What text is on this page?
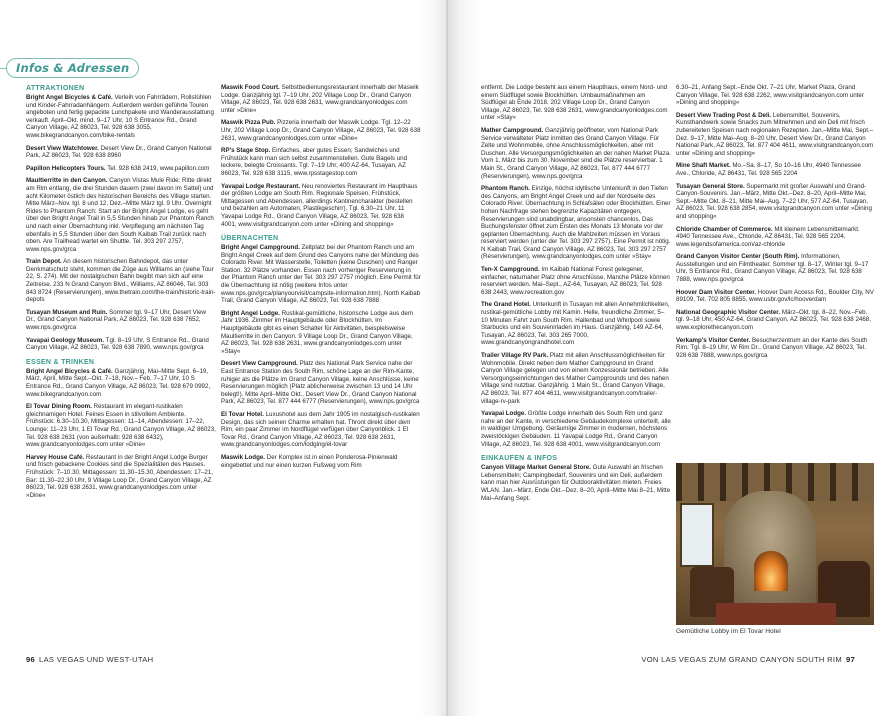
Infos & Adressen
ATTRAKTIONEN
Bright Angel Bicycles & Café. Verleih von Fahrrädern, Rollstühlen und Kinder-Fahrradanhängern. Außerdem werden geführte Touren angeboten und fertig gepackte Lunchpakete und Wanderausstattung verkauft. April–Okt. mind. 9–17 Uhr, 10 S Entrance Rd., Grand Canyon Village, AZ 86023, Tel. 928 638 3055, www.bikegrandcanyon.com/bike-rentals
Desert View Watchtower. Desert View Dr., Grand Canyon National Park, AZ 86023, Tel. 928 638 8960
Papillon Helicopters Tours. Tel. 928 638 2419, www.papillon.com
Maultierritte in den Canyon. Canyon Vistas Mule Ride: Ritte direkt am Rim entlang, die drei Stunden dauern (zwei davon im Sattel) und acht Kilometer östlich des historischen Bereichs des Village starten. Mitte März–Nov. tgl. 8 und 12, Dez.–Mitte März tgl. 9 Uhr. Overnight Rides to Phantom Ranch: Start an der Bright Angel Lodge, es geht über den Bright Angel Trail in 5,5 Stunden hinab zur Phantom Ranch und nach einer Übernachtung inkl. Verpflegung am nächsten Tag ebenfalls in 5,5 Stunden über den South Kaibab Trail zurück nach oben. Are Trailhead wartet ein Shuttle. Tel. 303 297 2757, www.nps.gov/grca
Train Depot. An diesem historischen Bahndepot, das unter Denkmalschutz steht, kommen die Züge aus Williams an (siehe Tour 22, S. 274). Mit der nostalgischen Bahn begibt man sich auf eine Zeitreise. 233 N Grand Canyon Blvd., Williams, AZ 86046, Tel. 303 843 8724 (Reservierungen), www.thetrain.com/the-train/historic-train-depots
Tusayan Museum and Ruin. Sommer tgl. 9–17 Uhr, Desert View Dr., Grand Canyon National Park, AZ 86023, Tel. 928 638 7652, www.nps.gov/grca
Yavapai Geology Museum. Tgl. 8–19 Uhr, S Entrance Rd., Grand Canyon Village, AZ 86023, Tel. 928 638 7890, www.nps.gov/grca
ESSEN & TRINKEN
Bright Angel Bicycles & Café. Ganzjährig, Mai–Mitte Sept. 6–19, März, April, Mitte Sept.–Okt. 7–18, Nov.– Feb. 7–17 Uhr, 10 S Entrance Rd., Grand Canyon Village, AZ 86023, Tel. 928 679 0992, www.bikegrandcanyon.com
El Tovar Dining Room. Restaurant im elegant-rustikalen gleichnamigen Hotel. Feines Essen in stilvollem Ambiente. Frühstück: 6.30–10.30, Mittagessen: 11–14, Abendessen: 17–22, Lounge: 11–23 Uhr, 1 El Tovar Rd., Grand Canyon Village, AZ 86023, Tel. 928 638 2631 (von außerhalb: 928 638 6432), www.grandcanyonlodges.com unter »Dine«
Harvey House Café. Restaurant in der Bright Angel Lodge Burger und frisch gebackene Cookies sind die Spezialitäten des Hauses. Frühstück: 7–10.30, Mittagessen: 11.30–15.30, Abendessen: 17–21, Bar: 11.30–22.30 Uhr, 9 Village Loop Dr., Grand Canyon Village, AZ 86023, Tel. 928 638 2631, www.grandcanyonlodges.com unter »Dine«
Maswik Food Court. Selbstbedienungsrestaurant innerhalb der Maswik Lodge. Ganzjährig tgl. 7–19 Uhr, 202 Village Loop Dr., Grand Canyon Village, AZ 86023, Tel. 928 638 2631, www.grandcanyonlodges.com unter »Dine«
Maswik Pizza Pub. Pizzeria innerhalb der Maswik Lodge. Tgl. 12–22 Uhr, 202 Village Loop Dr., Grand Canyon Village, AZ 86023, Tel. 928 638 2631, www.grandcanyonlodges.com unter »Dine«
RP's Stage Stop. Einfaches, aber gutes Essen; Sandwiches und Frühstück kann man sich selbst zusammenstellen. Gute Bagels und leckere, belegte Croissants. Tgl. 7–19 Uhr, 400 AZ-64, Tusayan, AZ 86023, Tel. 928 638 3115, www.rpsstagestop.com
Yavapai Lodge Restaurant. Neu renoviertes Restaurant im Haupthaus der größten Lodge am South Rim. Regionale Speisen, Frühstück, Mittagessen und Abendessen, allerdings Kantinencharakter (bestellen und bezahlen am Automaten, Plastikgeschirr). Tgl. 6.30–21 Uhr, 11 Yavapai Lodge Rd., Grand Canyon Village, AZ 86023, Tel. 928 638 4001, www.visitgrandcanyon.com unter »Dining and shopping«
ÜBERNACHTEN
Bright Angel Campground. Zeltplatz bei der Phantom Ranch und am Bright Angel Creek auf dem Grund des Canyons nahe der Mündung des Colorado River. Mit Wasserstelle, Toiletten (keine Duschen) und Ranger Station. 32 Plätze vorhanden. Essen nach vorheriger Reservierung in der Phantom Ranch unter der Tel. 303 297 2757 möglich. Eine Permit für die Übernachtung ist nötig (weitere Infos unter www.nps.gov/grca/planyourvisit/campsite-information.htm). North Kaibab Trail, Grand Canyon Village, AZ 86023, Tel. 928 638 7888
Bright Angel Lodge. Rustikal-gemütliche, historische Lodge aus dem Jahr 1936. Zimmer im Hauptgebäude oder Blockhütten. Im Hauptgebäude gibt es einen Schalter für Aktivitäten, beispielsweise Maultierritte in den Canyon. 9 Village Loop Dr., Grand Canyon Village, AZ 86023, Tel. 928 638 2631, www.grandcanyonlodges.com unter »Stay«
Desert View Campground. Platz des National Park Service nahe der East Entrance Station des South Rim, schöne Lage an der Rim-Kante, ruhiger als die Plätze im Grand Canyon Village, keine Anschlüsse, keine Reservierungen möglich (Platz ablicherweise zwischen 13 und 14 Uhr belegt!). Mitte April–Mitte Okt., Desert View Dr., Grand Canyon National Park, AZ 86023, Tel. 877 444 6777 (Reservierungen), www.nps.gov/grca
El Tovar Hotel. Luxushotel aus dem Jahr 1905 im nostalgisch-rustikalen Design, das sich seinen Charme erhalten hat. Thront direkt über dem Rim, ein paar Zimmer im Nordflügel verfügen über Canyonblick. 1 El Tovar Rd., Grand Canyon Village, AZ 86023, Tel. 928 638 2631, www.grandcanyonlodges.com/lodging/el-tovar
Maswik Lodge. Der Komplex ist in einen Ponderosa-Pinienwald eingebettet und nur einen kurzen Fußweg vom Rim
entfernt. Die Lodge besteht aus einem Haupthaus, einem Nord- und einem Südflügel sowie Blockhütten. Umbaumaßnahmen am Südflügel ab Ende 2018. 202 Village Loop Dr., Grand Canyon Village, AZ 86023, Tel. 928 638 2631, www.grandcanyonlodges.com unter »Stay«
Mather Campground. Ganzjährig geöffneter, vom National Park Service verwalteter Platz inmitten des Grand Canyon Village. Für Zelte und Wohnmobile, ohne Anschlussmöglichkeiten, aber mit Duschen. Alle Versorgungsmöglichkeiten an der nahen Market Plaza. Vom 1. März bis zum 30. November sind die Plätze reservierbar. 1 Main St., Grand Canyon Village, AZ 86023, Tel. 877 444 6777 (Reservierungen), www.nps.gov/grca
Phantom Ranch. Einzige, höchst idyllische Unterkunft in den Tiefen des Canyons, am Bright Angel Creek und auf der Nordseite des Colorado River. Übernachtung in Schlafsälen oder Blockhütten. Einer hohen Nachfrage stehen begrenzte Kapazitäten entgegen, Reservierungen sind unabdingbar, ansonsten chancenlos. Das Buchungsfenster öffnet zum Ersten des Monats 13 Monate vor der geplanten Übernachtung. Auch die Mahlzeiten müssen im Voraus reserviert werden (unter der Tel. 303 297 2757). Eine Permit ist nötig. N Kaibab Trail, Grand Canyon Village, AZ 86023, Tel. 303 297 2757 (Reservierungen), www.grandcanyonlodges.com unter »Stay«
Ten-X Campground. Im Kaibab National Forest gelegener, einfacher, naturnaher Platz ohne Anschlüsse. Manche Plätze können reserviert werden. Mai–Sept., AZ-64, Tusayan, AZ 86023, Tel. 928 638 2443, www.recreation.gov
The Grand Hotel. Unterkunft in Tusayan mit allen Annehmlichkeiten, rustikal-gemütliche Lobby mit Kamin. Helle, freundliche Zimmer, 5–10 Minuten Fahrt zum South Rim. Hallenbad und Whirlpool sowie Starbucks und ein Souvenirladen im Haus. Ganzjährig, 149 AZ-64, Tusayan, AZ 86023, Tel. 303 265 7000, www.grandcanyongrandhotel.com
Trailer Village RV Park. Platz mit allen Anschlussmöglichkeiten für Wohnmobile. Direkt neben dem Mather Campground im Grand Canyon Village gelegen und von einem Konzessionär betrieben. Alle Versorgungseinrichtungen des Mather Campgrounds und des nahen Village sind nutzbar. Ganzjährig. 1 Main St., Grand Canyon Village, AZ 86023, Tel. 877 404 4611, www.visitgrandcanyon.com/trailer-village-rv-park
Yavapai Lodge. Größte Lodge innerhalb des South Rim und ganz nahe an der Kante, in verschiedene Gebäudekomplexe unterteilt, alle in waldiger Umgebung. Geräumige Zimmer in modernen, höchstens zweistöckigen Gebäuden. 11 Yavapai Lodge Rd., Grand Canyon Village, AZ 86023, Tel. 928 638 4001, www.visitgrandcanyon.com
EINKAUFEN & INFOS
Canyon Village Market General Store. Gute Auswahl an frischen Lebensmitteln; Campingbedarf, Souvenirs und ein Deli, außerdem kann man hier Ausrüstungen für Outdooraktivitäten mieten. Freies WLAN. Jan.–März, Ende Okt.–Dez. 8–20, April–Mitte Mai 8–21, Mitte Mai–Anfang Sept.
6.30–21, Anfang Sept.–Ende Okt. 7–21 Uhr, Market Plaza, Grand Canyon Village, Tel. 928 638 2262, www.visitgrandcanyon.com unter »Dining and shopping«
Desert View Trading Post & Deli. Lebensmittel, Souvenirs, Kunsthandwerk sowie Snacks zum Mitnehmen und ein Deli mit frisch zubereiteten Speisen nach regionalen Rezepten. Jan.–Mitte Mai, Sept.–Dez. 9–17, Mitte Mai–Aug. 8–20 Uhr, Desert View Dr., Grand Canyon National Park, AZ 86023, Tel. 877 404 4611, www.visitgrandcanyon.com unter »Dining and shopping«
Mine Shaft Market. Mo.–Sa. 8–17, So 10–16 Uhr, 4940 Tennessee Ave., Chloride, AZ 86431, Tel. 928 565 2204
Tusayan General Store. Supermarkt mit großer Auswahl und Grand-Canyon-Souvenirs. Jan.–März, Mitte Okt.–Dez. 8–20, April–Mitte Mai, Sept.–Mitte Okt. 8–21, Mitte Mai–Aug. 7–22 Uhr, 577 AZ-64, Tusayan, AZ 86023, Tel. 928 638 2854, www.visitgrandcanyon.com unter »Dining and shopping«
Chloride Chamber of Commerce. Mit kleinem Lebensmittelmarkt. 4940 Tennessee Ave., Chloride, AZ 86431, Tel. 928 565 2204, www.legendsofamerica.com/az-chloride
Grand Canyon Visitor Center (South Rim). Informationen, Ausstellungen und ein Filmtheater. Sommer tgl. 8–17, Winter tgl. 9–17 Uhr, S Entrance Rd., Grand Canyon Village, AZ 86023, Tel. 928 638 7888, www.nps.gov/grca
Hoover Dam Visitor Center. Hoover Dam Access Rd., Boulder City, NV 89109, Tel. 702 805 8855, www.usbr.gov/lc/hooverdam
National Geographic Visitor Center. März–Okt. tgl. 8–22, Nov.–Feb. tgl. 9–18 Uhr, 450 AZ-64, Grand Canyon, AZ 86023, Tel. 928 638 2468, www.explorethecanyon.com
Verkamp's Visitor Center. Besucherzentrum an der Kante des South Rim. Tgl. 8–19 Uhr, W Rim Dr., Grand Canyon Village, AZ 86023, Tel. 928 638 7888, www.nps.gov/grca
Gemütliche Lobby im El Tovar Hotel
96 LAS VEGAS UND WEST-UTAH	VON LAS VEGAS ZUM GRAND CANYON SOUTH RIM 97
